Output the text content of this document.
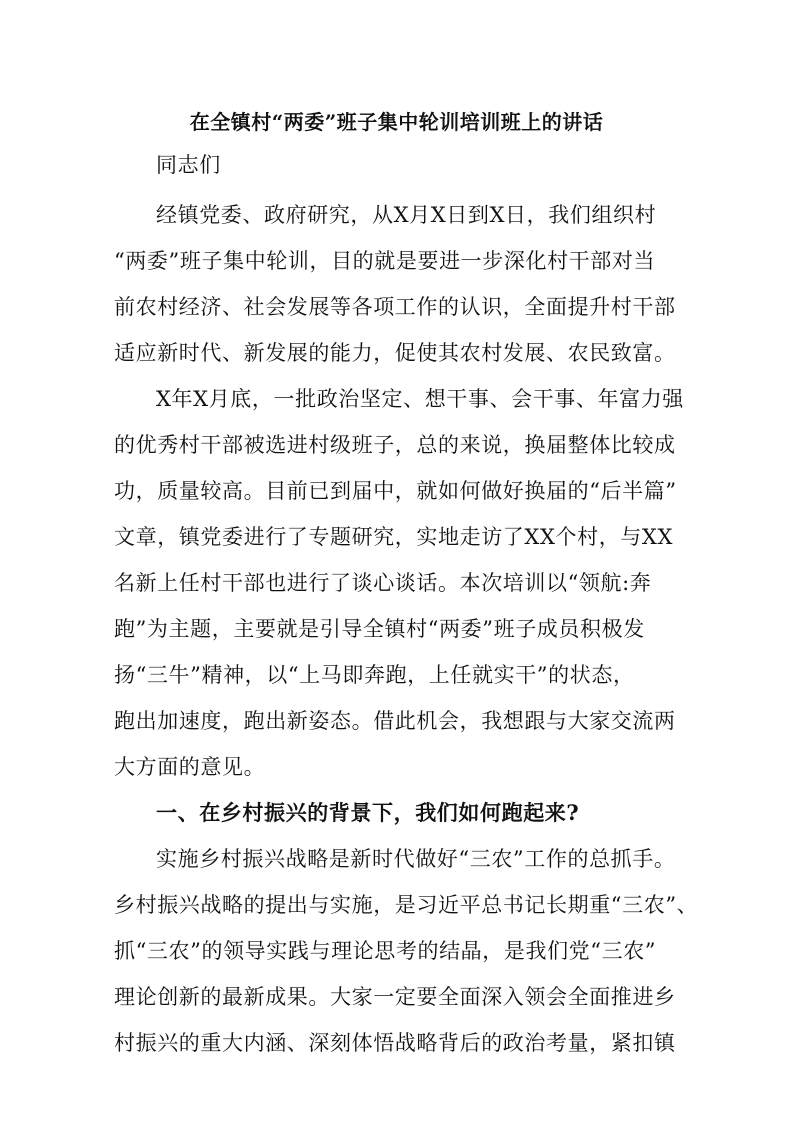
在全镇村“两委”班子集中轮训培训班上的讲话
同志们
经镇党委、政府研究，从X月X日到X日，我们组织村
“两委”班子集中轮训，目的就是要进一步深化村干部对当
前农村经济、社会发展等各项工作的认识，全面提升村干部
适应新时代、新发展的能力，促使其农村发展、农民致富。
X年X月底，一批政治坚定、想干事、会干事、年富力强
的优秀村干部被选进村级班子，总的来说，换届整体比较成
功，质量较高。目前已到届中，就如何做好换届的“后半篇”
文章，镇党委进行了专题研究，实地走访了XX个村，与XX
名新上任村干部也进行了谈心谈话。本次培训以“领航:奔
跑”为主题，主要就是引导全镇村“两委”班子成员积极发
扬“三牛”精神，以“上马即奔跑，上任就实干”的状态，
跑出加速度，跑出新姿态。借此机会，我想跟与大家交流两
大方面的意见。
一、在乡村振兴的背景下，我们如何跑起来?
实施乡村振兴战略是新时代做好“三农”工作的总抓手。
乡村振兴战略的提出与实施，是习近平总书记长期重“三农”、
抓“三农”的领导实践与理论思考的结晶，是我们党“三农”
理论创新的最新成果。大家一定要全面深入领会全面推进乡
村振兴的重大内涵、深刻体悟战略背后的政治考量，紧扣镇
